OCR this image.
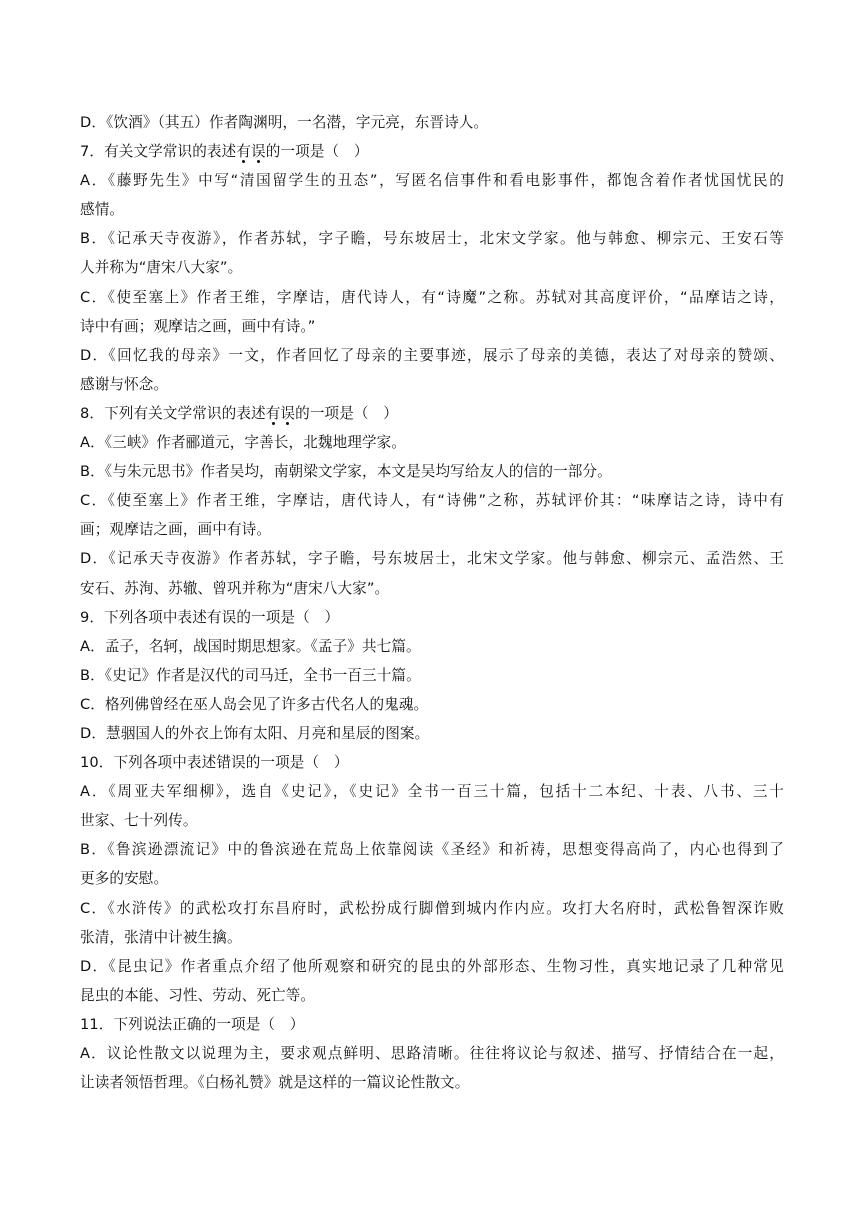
D．《饮酒》（其五）作者陶渊明，一名潜，字元亮，东晋诗人。
7．有关文学常识的表述有误的一项是（　）
A．《藤野先生》中写“清国留学生的丑态”，写匿名信事件和看电影事件，都饱含着作者忧国忧民的
感情。
B．《记承天寺夜游》，作者苏轼，字子瞻，号东坡居士，北宋文学家。他与韩愈、柳宗元、王安石等
人并称为“唐宋八大家”。
C．《使至塞上》作者王维，字摩诘，唐代诗人，有“诗魔”之称。苏轼对其高度评价，“品摩诘之诗，
诗中有画；观摩诘之画，画中有诗。”
D．《回忆我的母亲》一文，作者回忆了母亲的主要事迹，展示了母亲的美德，表达了对母亲的赞颂、
感谢与怀念。
8．下列有关文学常识的表述有误的一项是（　）
A．《三峡》作者郦道元，字善长，北魏地理学家。
B．《与朱元思书》作者吴均，南朝梁文学家，本文是吴均写给友人的信的一部分。
C．《使至塞上》作者王维，字摩诘，唐代诗人，有“诗佛”之称，苏轼评价其：“味摩诘之诗，诗中有
画；观摩诘之画，画中有诗。
D．《记承天寺夜游》作者苏轼，字子瞻，号东坡居士，北宋文学家。他与韩愈、柳宗元、孟浩然、王
安石、苏洵、苏辙、曾巩并称为“唐宋八大家”。
9．下列各项中表述有误的一项是（　）
A．孟子，名轲，战国时期思想家。《孟子》共七篇。
B．《史记》作者是汉代的司马迁，全书一百三十篇。
C．格列佛曾经在巫人岛会见了许多古代名人的鬼魂。
D．慧骃国人的外衣上饰有太阳、月亮和星辰的图案。
10．下列各项中表述错误的一项是（　）
A．《周亚夫军细柳》，选自《史记》，《史记》全书一百三十篇，包括十二本纪、十表、八书、三十
世家、七十列传。
B．《鲁滨逊漂流记》中的鲁滨逊在荒岛上依靠阅读《圣经》和祈祷，思想变得高尚了，内心也得到了
更多的安慰。
C．《水浒传》的武松攻打东昌府时，武松扮成行脚僧到城内作内应。攻打大名府时，武松鲁智深诈败
张清，张清中计被生擒。
D．《昆虫记》作者重点介绍了他所观察和研究的昆虫的外部形态、生物习性，真实地记录了几种常见
昆虫的本能、习性、劳动、死亡等。
11．下列说法正确的一项是（　）
A．议论性散文以说理为主，要求观点鲜明、思路清晰。往往将议论与叙述、描写、抒情结合在一起，
让读者领悟哲理。《白杨礼赞》就是这样的一篇议论性散文。
